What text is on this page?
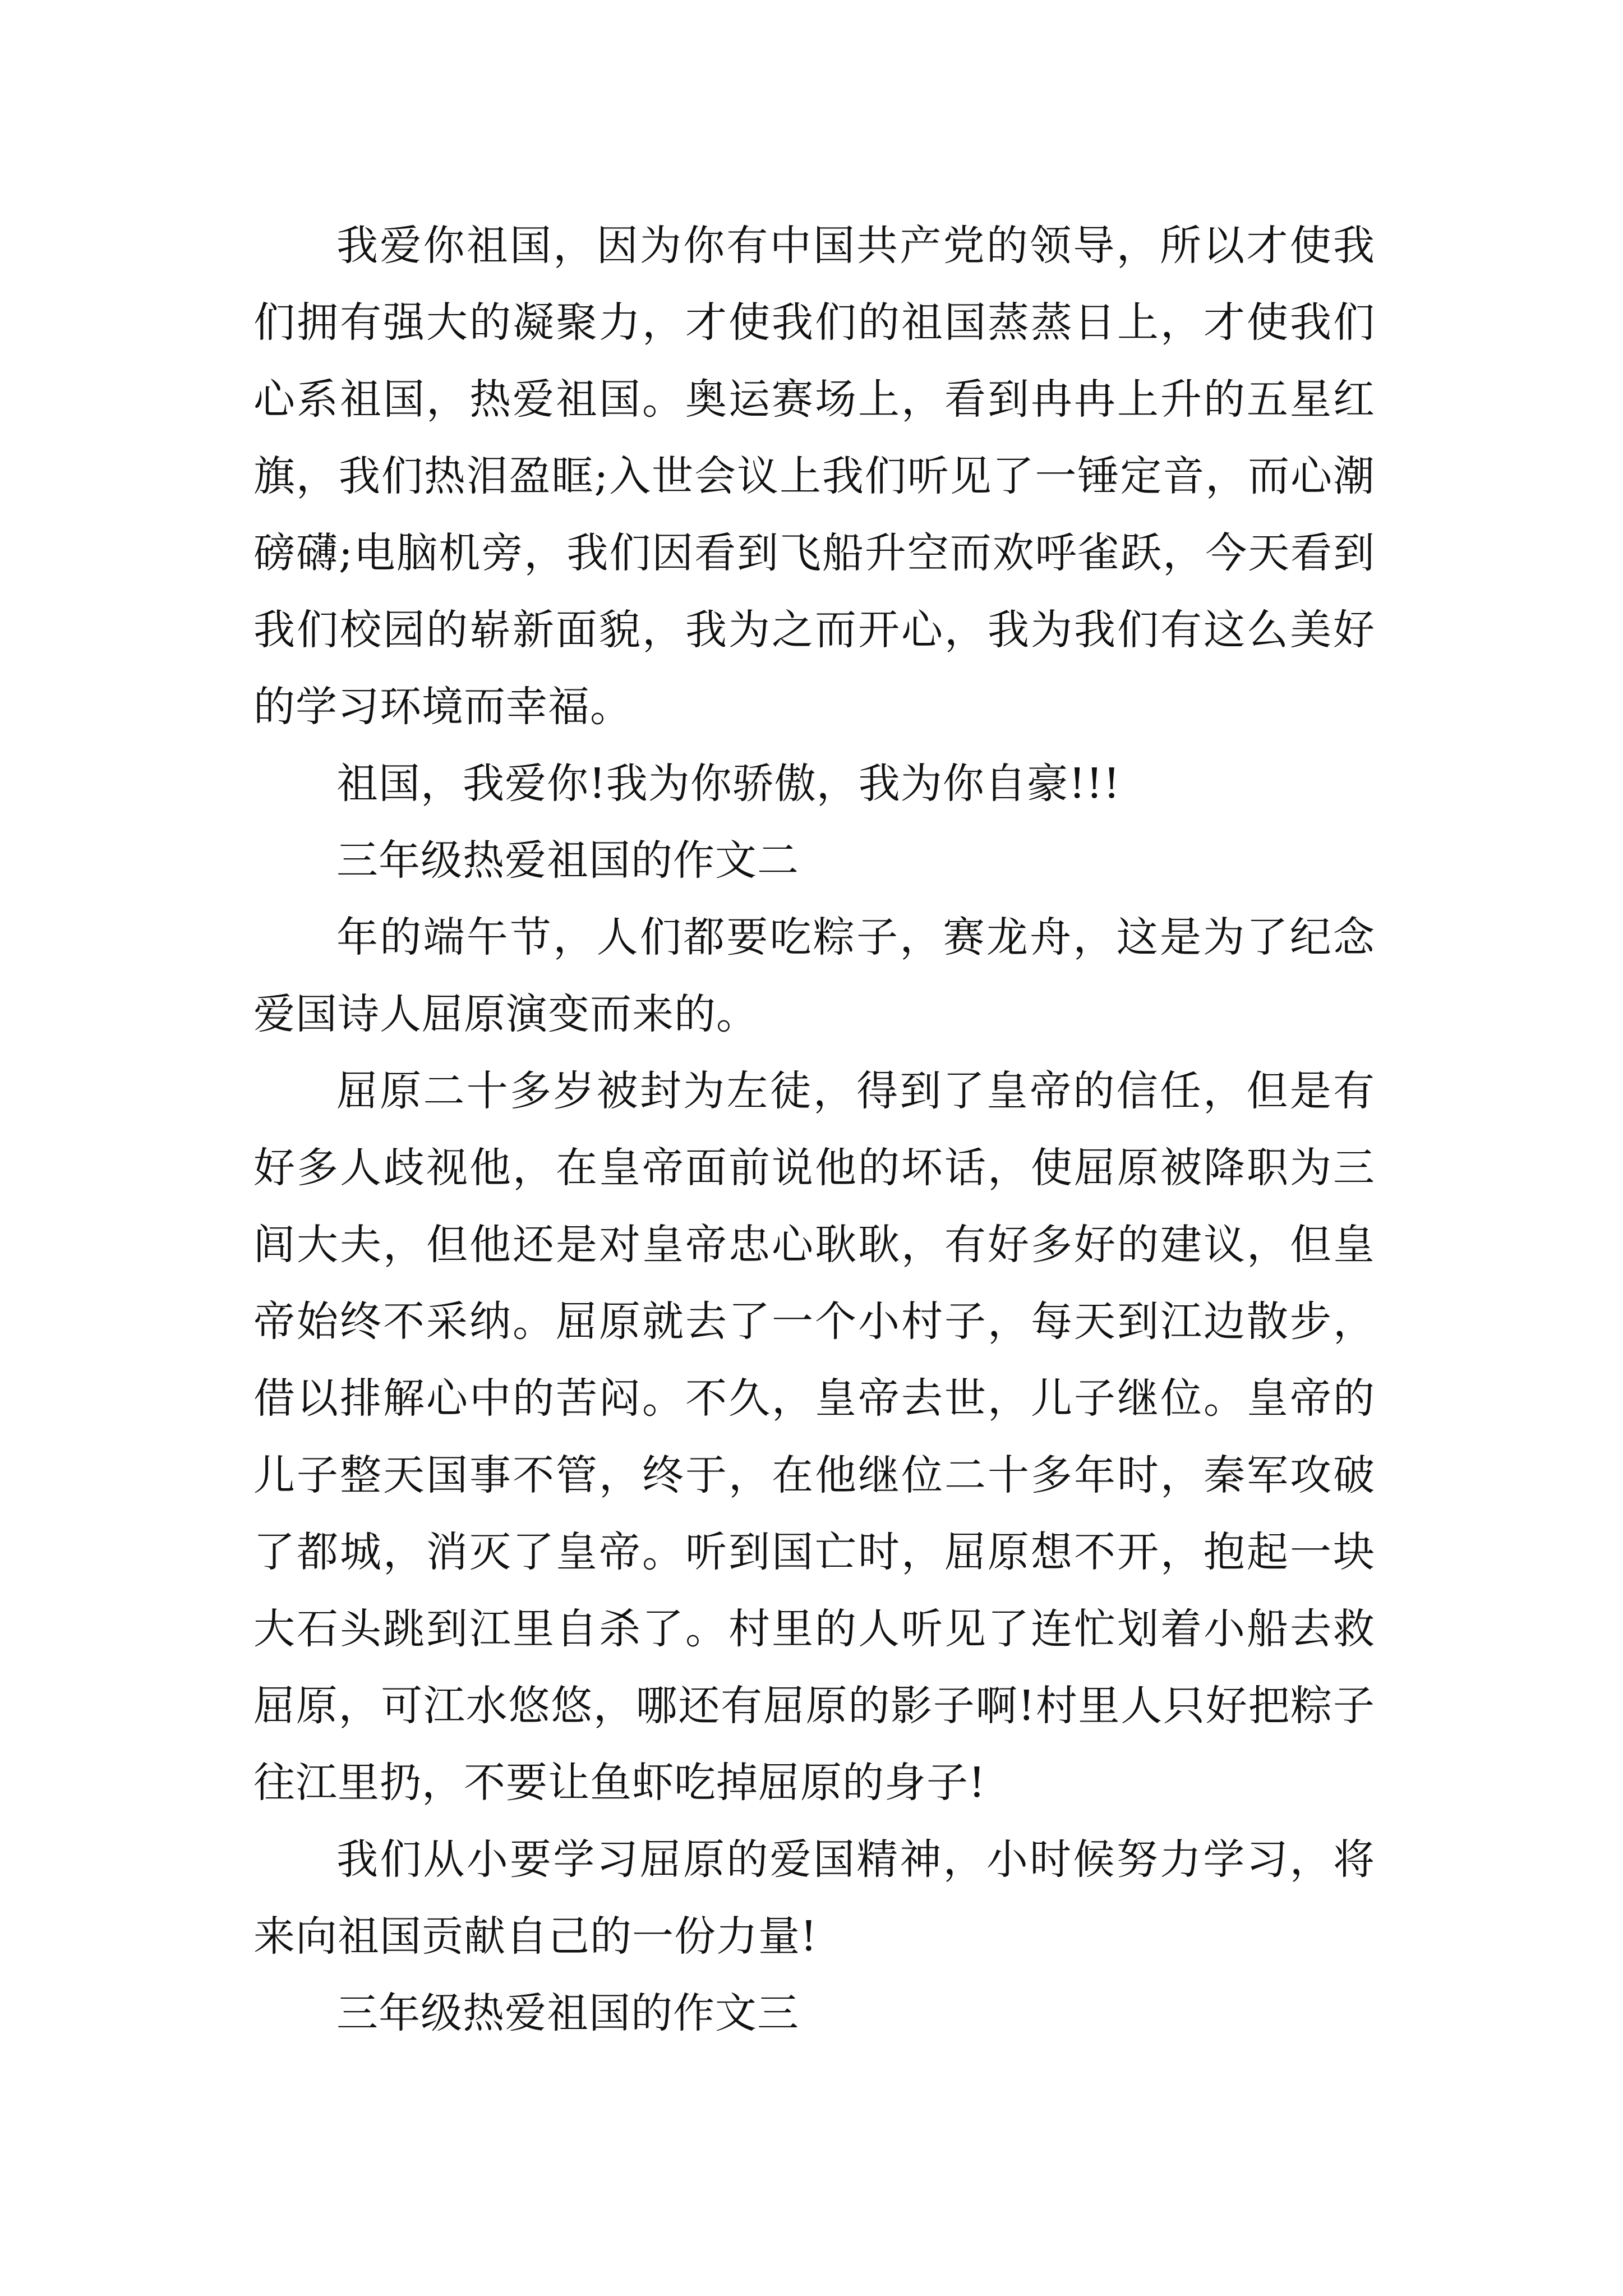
我爱你祖国，因为你有中国共产党的领导，所以才使我们拥有强大的凝聚力，才使我们的祖国蒸蒸日上，才使我们心系祖国，热爱祖国。奥运赛场上，看到冉冉上升的五星红旗，我们热泪盈眶;入世会议上我们听见了一锤定音，而心潮磅礴;电脑机旁，我们因看到飞船升空而欢呼雀跃，今天看到我们校园的崭新面貌，我为之而开心，我为我们有这么美好的学习环境而幸福。

祖国，我爱你!我为你骄傲，我为你自豪!!!

三年级热爱祖国的作文二

年的端午节，人们都要吃粽子，赛龙舟，这是为了纪念爱国诗人屈原演变而来的。

屈原二十多岁被封为左徒，得到了皇帝的信任，但是有好多人歧视他，在皇帝面前说他的坏话，使屈原被降职为三闾大夫，但他还是对皇帝忠心耿耿，有好多好的建议，但皇帝始终不采纳。屈原就去了一个小村子，每天到江边散步，借以排解心中的苦闷。不久，皇帝去世，儿子继位。皇帝的儿子整天国事不管，终于，在他继位二十多年时，秦军攻破了都城，消灭了皇帝。听到国亡时，屈原想不开，抱起一块大石头跳到江里自杀了。村里的人听见了连忙划着小船去救屈原，可江水悠悠，哪还有屈原的影子啊!村里人只好把粽子往江里扔，不要让鱼虾吃掉屈原的身子!

我们从小要学习屈原的爱国精神，小时候努力学习，将来向祖国贡献自己的一份力量!

三年级热爱祖国的作文三
